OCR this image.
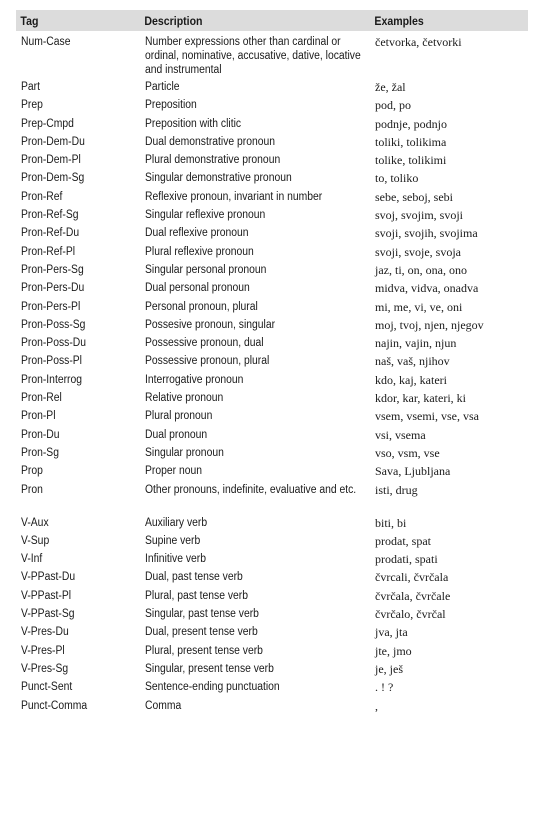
Tag	Description	Examples
Num-Case	Number expressions other than cardinal or ordinal, nominative, accusative, dative, locative and instrumental	četvorka, četvorki
Part	Particle	že, žal
Prep	Preposition	pod, po
Prep-Cmpd	Preposition with clitic	podnje, podnjo
Pron-Dem-Du	Dual demonstrative pronoun	toliki, tolikima
Pron-Dem-Pl	Plural demonstrative pronoun	tolike, tolikimi
Pron-Dem-Sg	Singular demonstrative pronoun	to, toliko
Pron-Ref	Reflexive pronoun, invariant in number	sebe, seboj, sebi
Pron-Ref-Sg	Singular reflexive pronoun	svoj, svojim, svoji
Pron-Ref-Du	Dual reflexive pronoun	svoji, svojih, svojima
Pron-Ref-Pl	Plural reflexive pronoun	svoji, svoje, svoja
Pron-Pers-Sg	Singular personal pronoun	jaz, ti, on, ona, ono
Pron-Pers-Du	Dual personal pronoun	midva, vidva, onadva
Pron-Pers-Pl	Personal pronoun, plural	mi, me, vi, ve, oni
Pron-Poss-Sg	Possesive pronoun, singular	moj, tvoj, njen, njegov
Pron-Poss-Du	Possessive pronoun, dual	najin, vajin, njun
Pron-Poss-Pl	Possessive pronoun, plural	naš, vaš, njihov
Pron-Interrog	Interrogative pronoun	kdo, kaj, kateri
Pron-Rel	Relative pronoun	kdor, kar, kateri, ki
Pron-Pl	Plural pronoun	vsem, vsemi, vse, vsa
Pron-Du	Dual pronoun	vsi, vsema
Pron-Sg	Singular pronoun	vso, vsm, vse
Prop	Proper noun	Sava, Ljubljana
Pron	Other pronouns, indefinite, evaluative and etc.	isti, drug
V-Aux	Auxiliary verb	biti, bi
V-Sup	Supine verb	prodat, spat
V-Inf	Infinitive verb	prodati, spati
V-PPast-Du	Dual, past tense verb	čvrcali, čvrčala
V-PPast-Pl	Plural, past tense verb	čvrčala, čvrčale
V-PPast-Sg	Singular, past tense verb	čvrčalo, čvrčal
V-Pres-Du	Dual, present tense verb	jva, jta
V-Pres-Pl	Plural, present tense verb	jte, jmo
V-Pres-Sg	Singular, present tense verb	je, ješ
Punct-Sent	Sentence-ending punctuation	. ! ?
Punct-Comma	Comma	,
